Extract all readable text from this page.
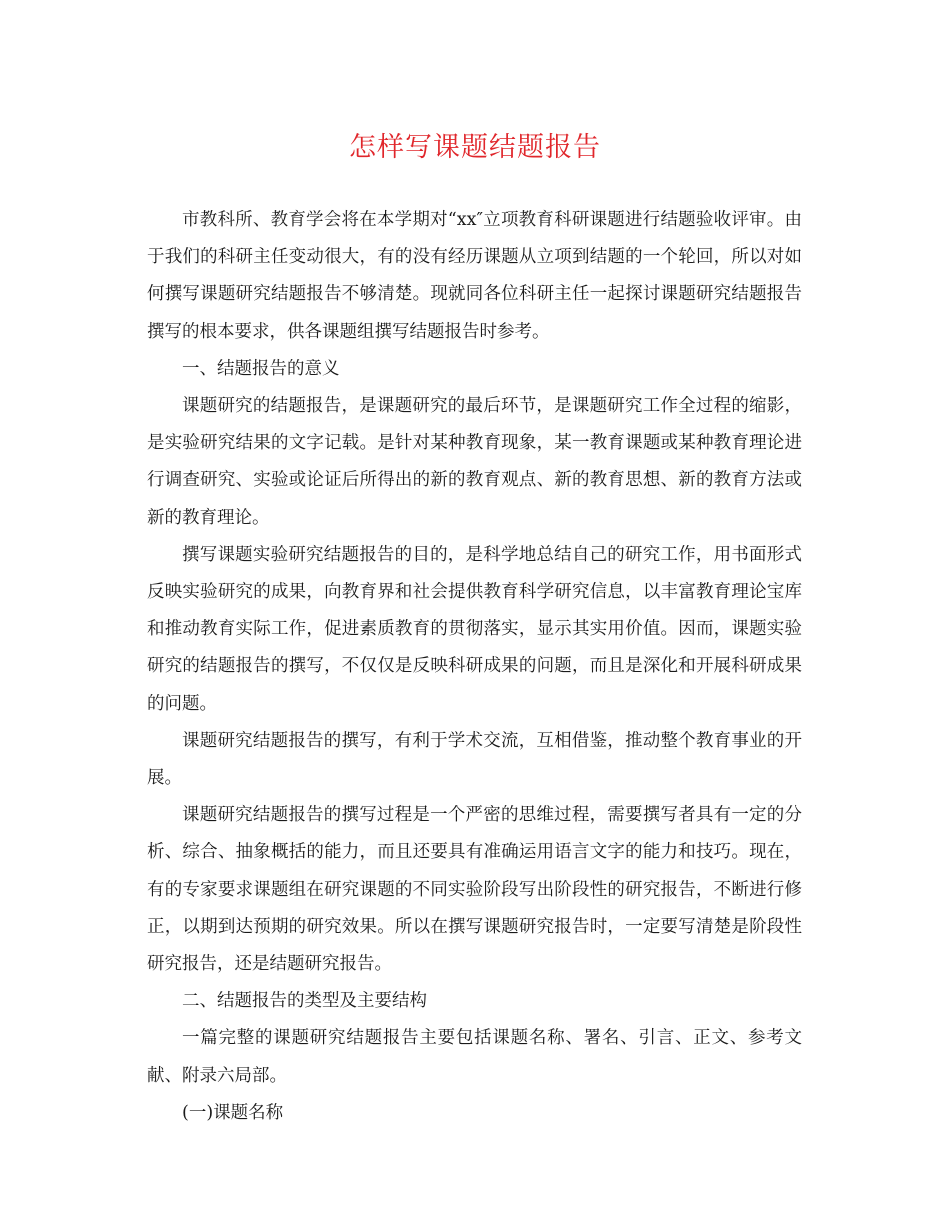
怎样写课题结题报告

市教科所、教育学会将在本学期对“xx″立项教育科研课题进行结题验收评审。由于我们的科研主任变动很大，有的没有经历课题从立项到结题的一个轮回，所以对如何撰写课题研究结题报告不够清楚。现就同各位科研主任一起探讨课题研究结题报告撰写的根本要求，供各课题组撰写结题报告时参考。

一、结题报告的意义

课题研究的结题报告，是课题研究的最后环节，是课题研究工作全过程的缩影，是实验研究结果的文字记载。是针对某种教育现象，某一教育课题或某种教育理论进行调查研究、实验或论证后所得出的新的教育观点、新的教育思想、新的教育方法或新的教育理论。

撰写课题实验研究结题报告的目的，是科学地总结自己的研究工作，用书面形式反映实验研究的成果，向教育界和社会提供教育科学研究信息，以丰富教育理论宝库和推动教育实际工作，促进素质教育的贯彻落实，显示其实用价值。因而，课题实验研究的结题报告的撰写，不仅仅是反映科研成果的问题，而且是深化和开展科研成果的问题。

课题研究结题报告的撰写，有利于学术交流，互相借鉴，推动整个教育事业的开展。

课题研究结题报告的撰写过程是一个严密的思维过程，需要撰写者具有一定的分析、综合、抽象概括的能力，而且还要具有准确运用语言文字的能力和技巧。现在，有的专家要求课题组在研究课题的不同实验阶段写出阶段性的研究报告，不断进行修正，以期到达预期的研究效果。所以在撰写课题研究报告时，一定要写清楚是阶段性研究报告，还是结题研究报告。

二、结题报告的类型及主要结构

一篇完整的课题研究结题报告主要包括课题名称、署名、引言、正文、参考文献、附录六局部。

(一)课题名称
